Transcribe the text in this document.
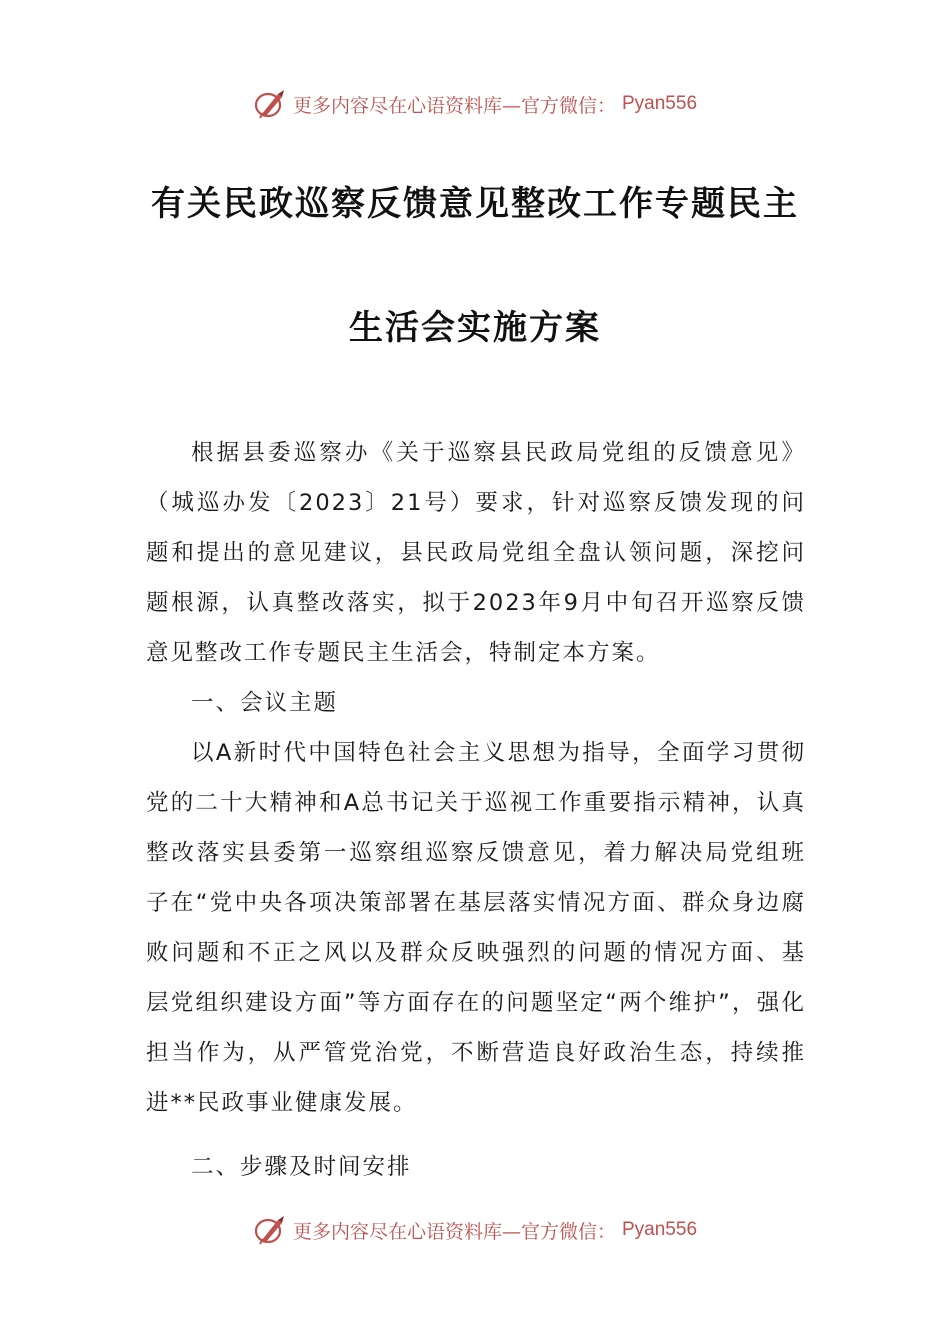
更多内容尽在心语资料库—官方微信： Pyan556
有关民政巡察反馈意见整改工作专题民主
生活会实施方案

根据县委巡察办《关于巡察县民政局党组的反馈意见》（城巡办发〔2023〕21号）要求，针对巡察反馈发现的问题和提出的意见建议，县民政局党组全盘认领问题，深挖问题根源，认真整改落实，拟于2023年9月中旬召开巡察反馈意见整改工作专题民主生活会，特制定本方案。

一、会议主题

以A新时代中国特色社会主义思想为指导，全面学习贯彻党的二十大精神和A总书记关于巡视工作重要指示精神，认真整改落实县委第一巡察组巡察反馈意见，着力解决局党组班子在“党中央各项决策部署在基层落实情况方面、群众身边腐败问题和不正之风以及群众反映强烈的问题的情况方面、基层党组织建设方面”等方面存在的问题坚定“两个维护”，强化担当作为，从严管党治党，不断营造良好政治生态，持续推进**民政事业健康发展。

二、步骤及时间安排

更多内容尽在心语资料库—官方微信： Pyan556
